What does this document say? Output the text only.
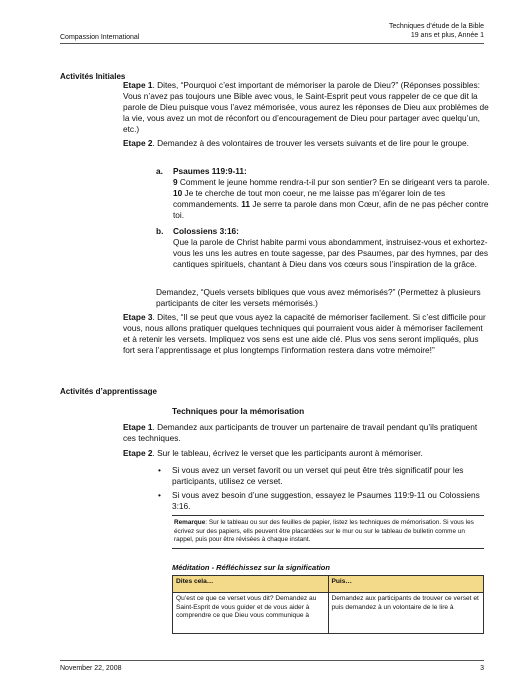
Compassion International
Techniques d’étude de la Bible
19 ans et plus, Année 1
Activités Initiales
Etape 1. Dites, “Pourquoi c’est important de mémoriser la parole de Dieu?” (Réponses possibles: Vous n’avez pas toujours une Bible avec vous, le Saint-Esprit peut vous rappeler de ce que dit la parole de Dieu puisque vous l’avez mémorisée, vous aurez les réponses de Dieu aux problèmes de la vie, vous avez un mot de réconfort ou d’encouragement de Dieu pour partager avec quelqu’un, etc.)
Etape 2. Demandez à des volontaires de trouver les versets suivants et de lire pour le groupe.
a. Psaumes 119:9-11:
9 Comment le jeune homme rendra-t-il pur son sentier? En se dirigeant vers ta parole. 10 Je te cherche de tout mon coeur, ne me laisse pas m’égarer loin de tes commandements. 11 Je serre ta parole dans mon Cœur, afin de ne pas pécher contre toi.
b. Colossiens 3:16:
Que la parole de Christ habite parmi vous abondamment, instruisez-vous et exhortez-vous les uns les autres en toute sagesse, par des Psaumes, par des hymnes, par des cantiques spirituels, chantant à Dieu dans vos cœurs sous l’inspiration de la grâce.
Demandez, “Quels versets bibliques que vous avez mémorisés?” (Permettez à plusieurs participants de citer les versets mémorisés.)
Etape 3. Dites, “Il se peut que vous ayez la capacité de mémoriser facilement. Si c’est difficile pour vous, nous allons pratiquer quelques techniques qui pourraient vous aider à mémoriser facilement et à retenir les versets. Impliquez vos sens est une aide clé. Plus vos sens seront impliqués, plus fort sera l’apprentissage et plus longtemps l’information restera dans votre mémoire!”
Activités d’apprentissage
Techniques pour la mémorisation
Etape 1. Demandez aux participants de trouver un partenaire de travail pendant qu’ils pratiquent ces techniques.
Etape 2. Sur le tableau, écrivez le verset que les participants auront à mémoriser.
• Si vous avez un verset favorit ou un verset qui peut être très significatif pour les participants, utilisez ce verset.
• Si vous avez besoin d’une suggestion, essayez le Psaumes 119:9-11 ou Colossiens 3:16.
Remarque: Sur le tableau ou sur des feuilles de papier, listez les techniques de mémorisation. Si vous les écrivez sur des papiers, ells peuvent être placardées sur le mur ou sur le tableau de bulletin comme un rappel, puis pour être révisées à chaque instant.
Méditation - Réfléchissez sur la signification
Dites cela…	Puis…
Qu’est ce que ce verset vous dit? Demandez au Saint-Esprit de vous guider et de vous aider à comprendre ce que Dieu vous communique à	Demandez aux participants de trouver ce verset et puis demandez à un volontaire de le lire à
November 22, 2008	3
